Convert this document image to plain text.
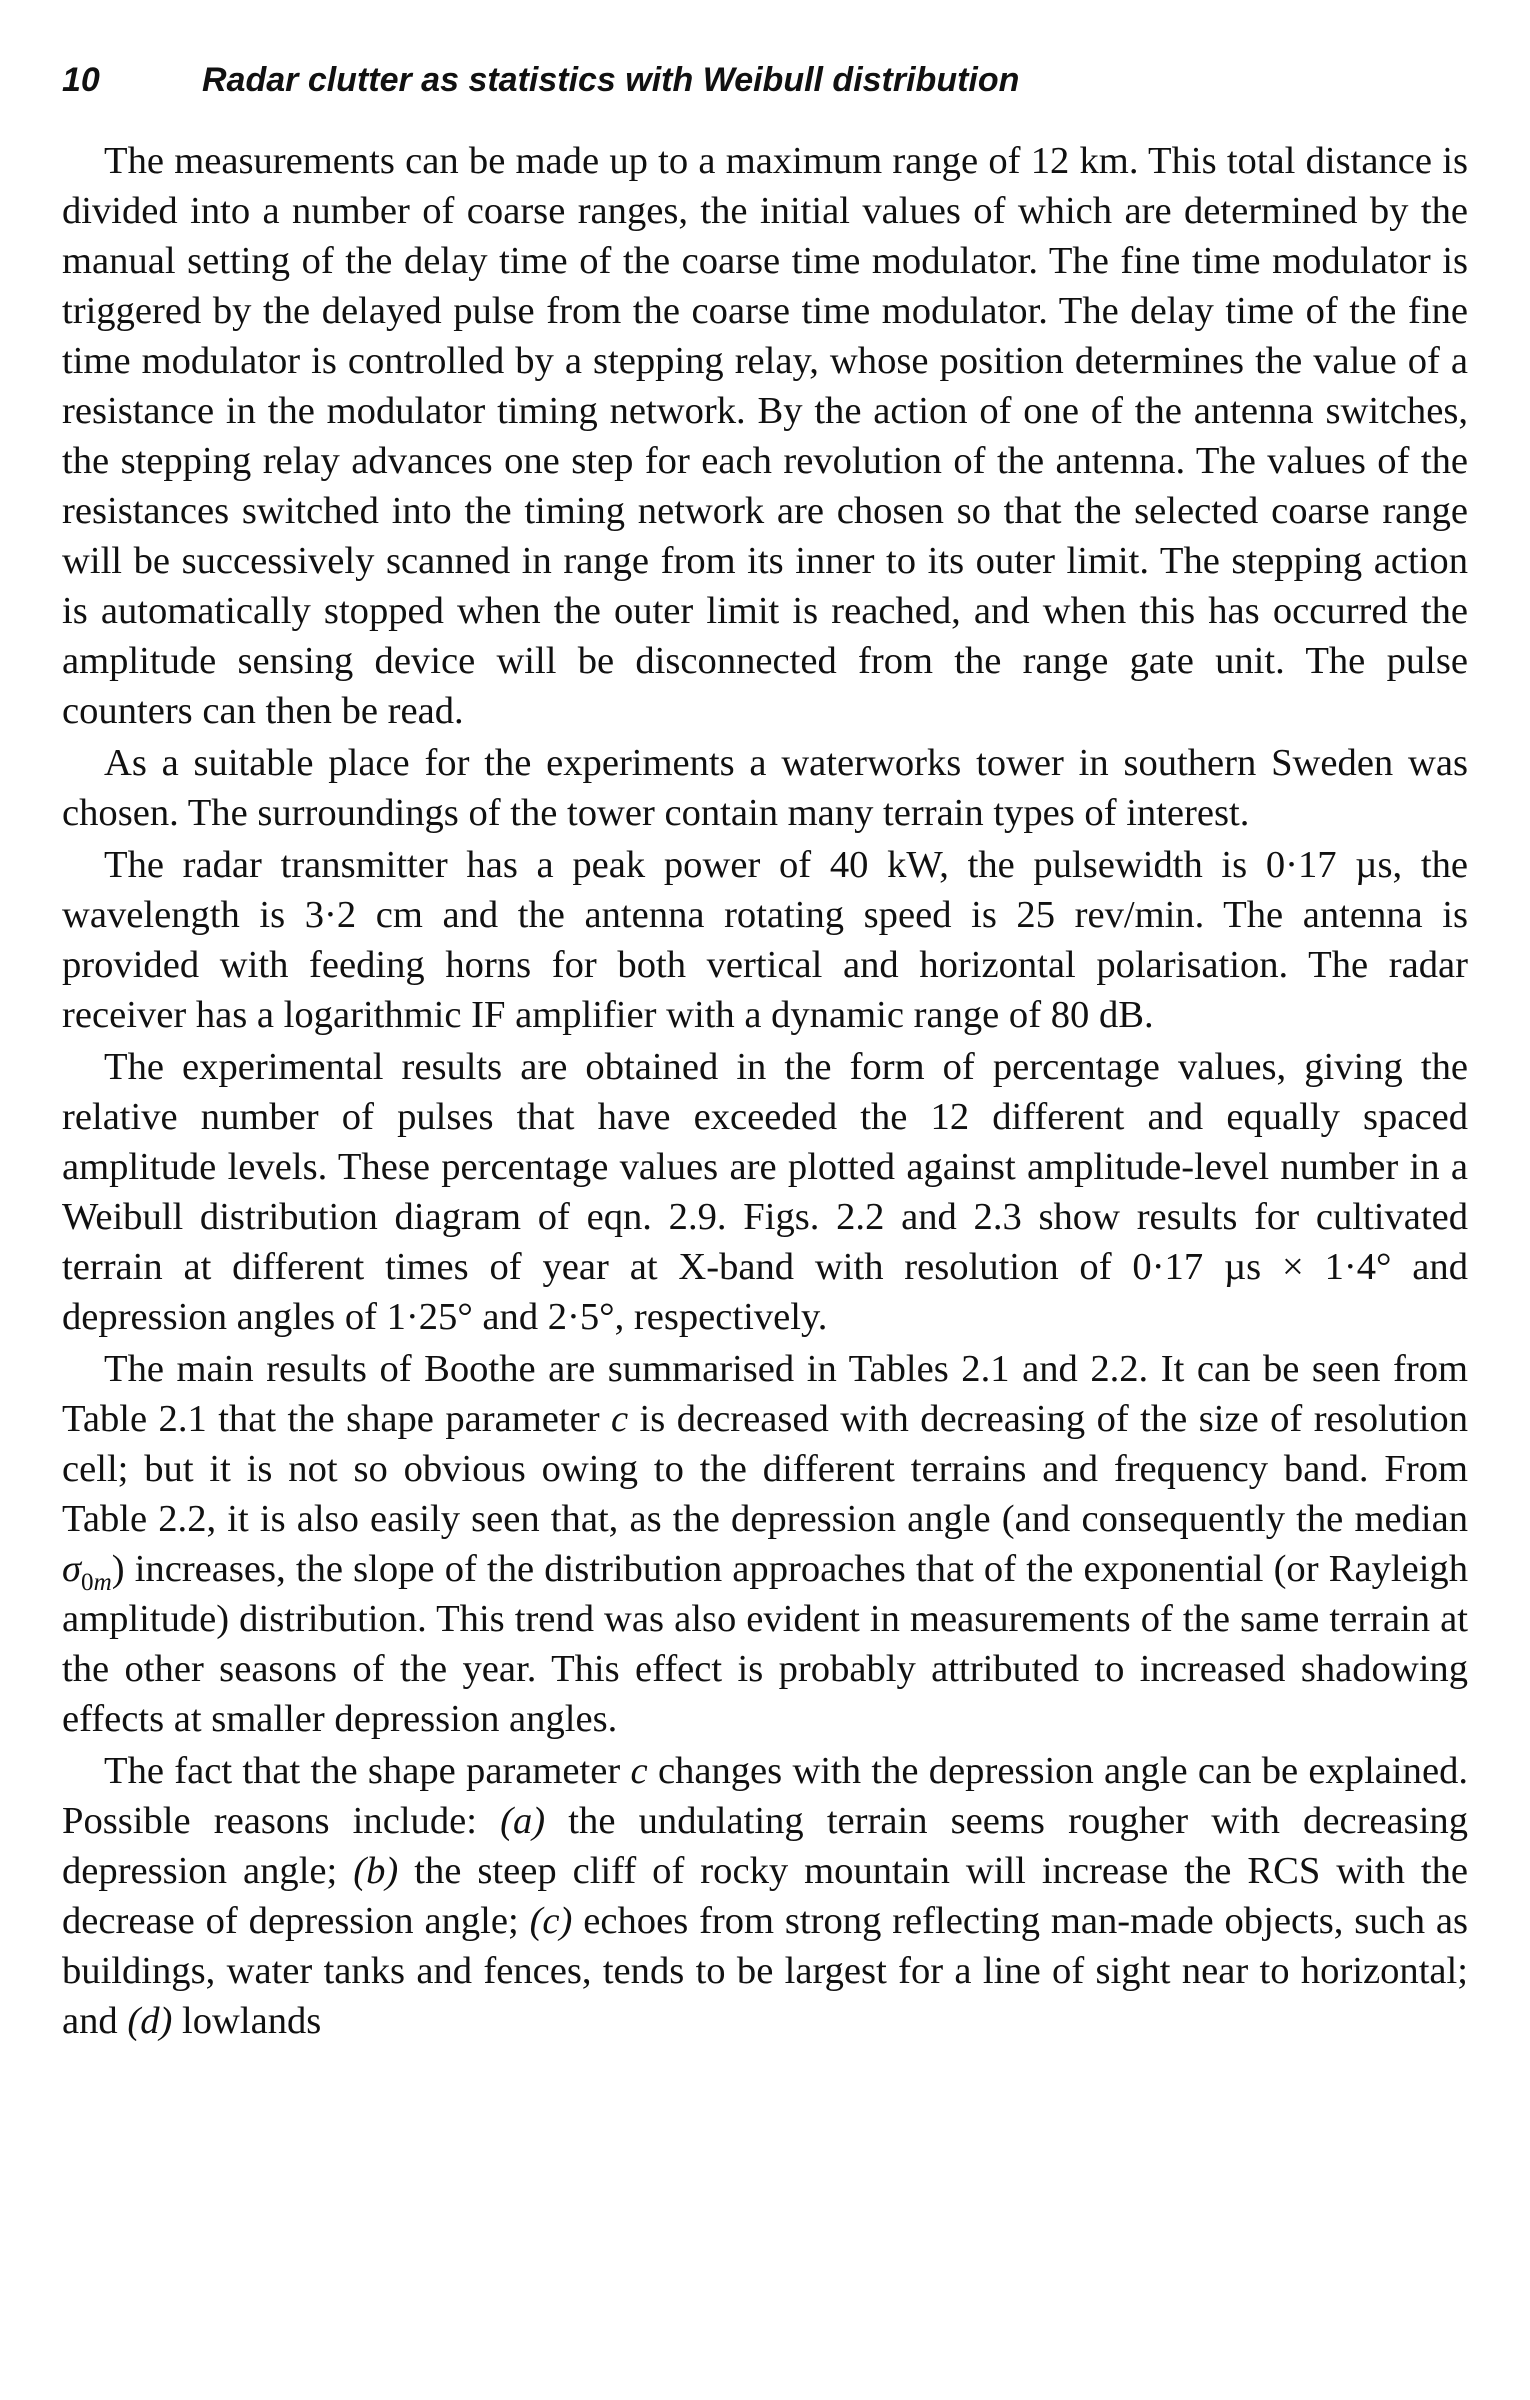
10	Radar clutter as statistics with Weibull distribution

The measurements can be made up to a maximum range of 12 km. This total distance is divided into a number of coarse ranges, the initial values of which are determined by the manual setting of the delay time of the coarse time modulator. The fine time modulator is triggered by the delayed pulse from the coarse time modulator. The delay time of the fine time modulator is controlled by a stepping relay, whose position determines the value of a resistance in the modulator timing network. By the action of one of the antenna switches, the stepping relay advances one step for each revolution of the antenna. The values of the resistances switched into the timing network are chosen so that the selected coarse range will be successively scanned in range from its inner to its outer limit. The stepping action is automatically stopped when the outer limit is reached, and when this has occurred the amplitude sensing device will be disconnected from the range gate unit. The pulse counters can then be read.

As a suitable place for the experiments a waterworks tower in southern Sweden was chosen. The surroundings of the tower contain many terrain types of interest.

The radar transmitter has a peak power of 40 kW, the pulsewidth is 0·17 µs, the wavelength is 3·2 cm and the antenna rotating speed is 25 rev/min. The antenna is provided with feeding horns for both vertical and horizontal polarisation. The radar receiver has a logarithmic IF amplifier with a dynamic range of 80 dB.

The experimental results are obtained in the form of percentage values, giving the relative number of pulses that have exceeded the 12 different and equally spaced amplitude levels. These percentage values are plotted against amplitude-level number in a Weibull distribution diagram of eqn. 2.9. Figs. 2.2 and 2.3 show results for cultivated terrain at different times of year at X-band with resolution of 0·17 µs × 1·4° and depression angles of 1·25° and 2·5°, respectively.

The main results of Boothe are summarised in Tables 2.1 and 2.2. It can be seen from Table 2.1 that the shape parameter c is decreased with decreasing of the size of resolution cell; but it is not so obvious owing to the different terrains and frequency band. From Table 2.2, it is also easily seen that, as the depression angle (and consequently the median $\sigma_{0m}$) increases, the slope of the distribution approaches that of the exponential (or Rayleigh amplitude) distribution. This trend was also evident in measurements of the same terrain at the other seasons of the year. This effect is probably attributed to increased shadowing effects at smaller depression angles.

The fact that the shape parameter c changes with the depression angle can be explained. Possible reasons include: (a) the undulating terrain seems rougher with decreasing depression angle; (b) the steep cliff of rocky mountain will increase the RCS with the decrease of depression angle; (c) echoes from strong reflecting man-made objects, such as buildings, water tanks and fences, tends to be largest for a line of sight near to horizontal; and (d) lowlands
